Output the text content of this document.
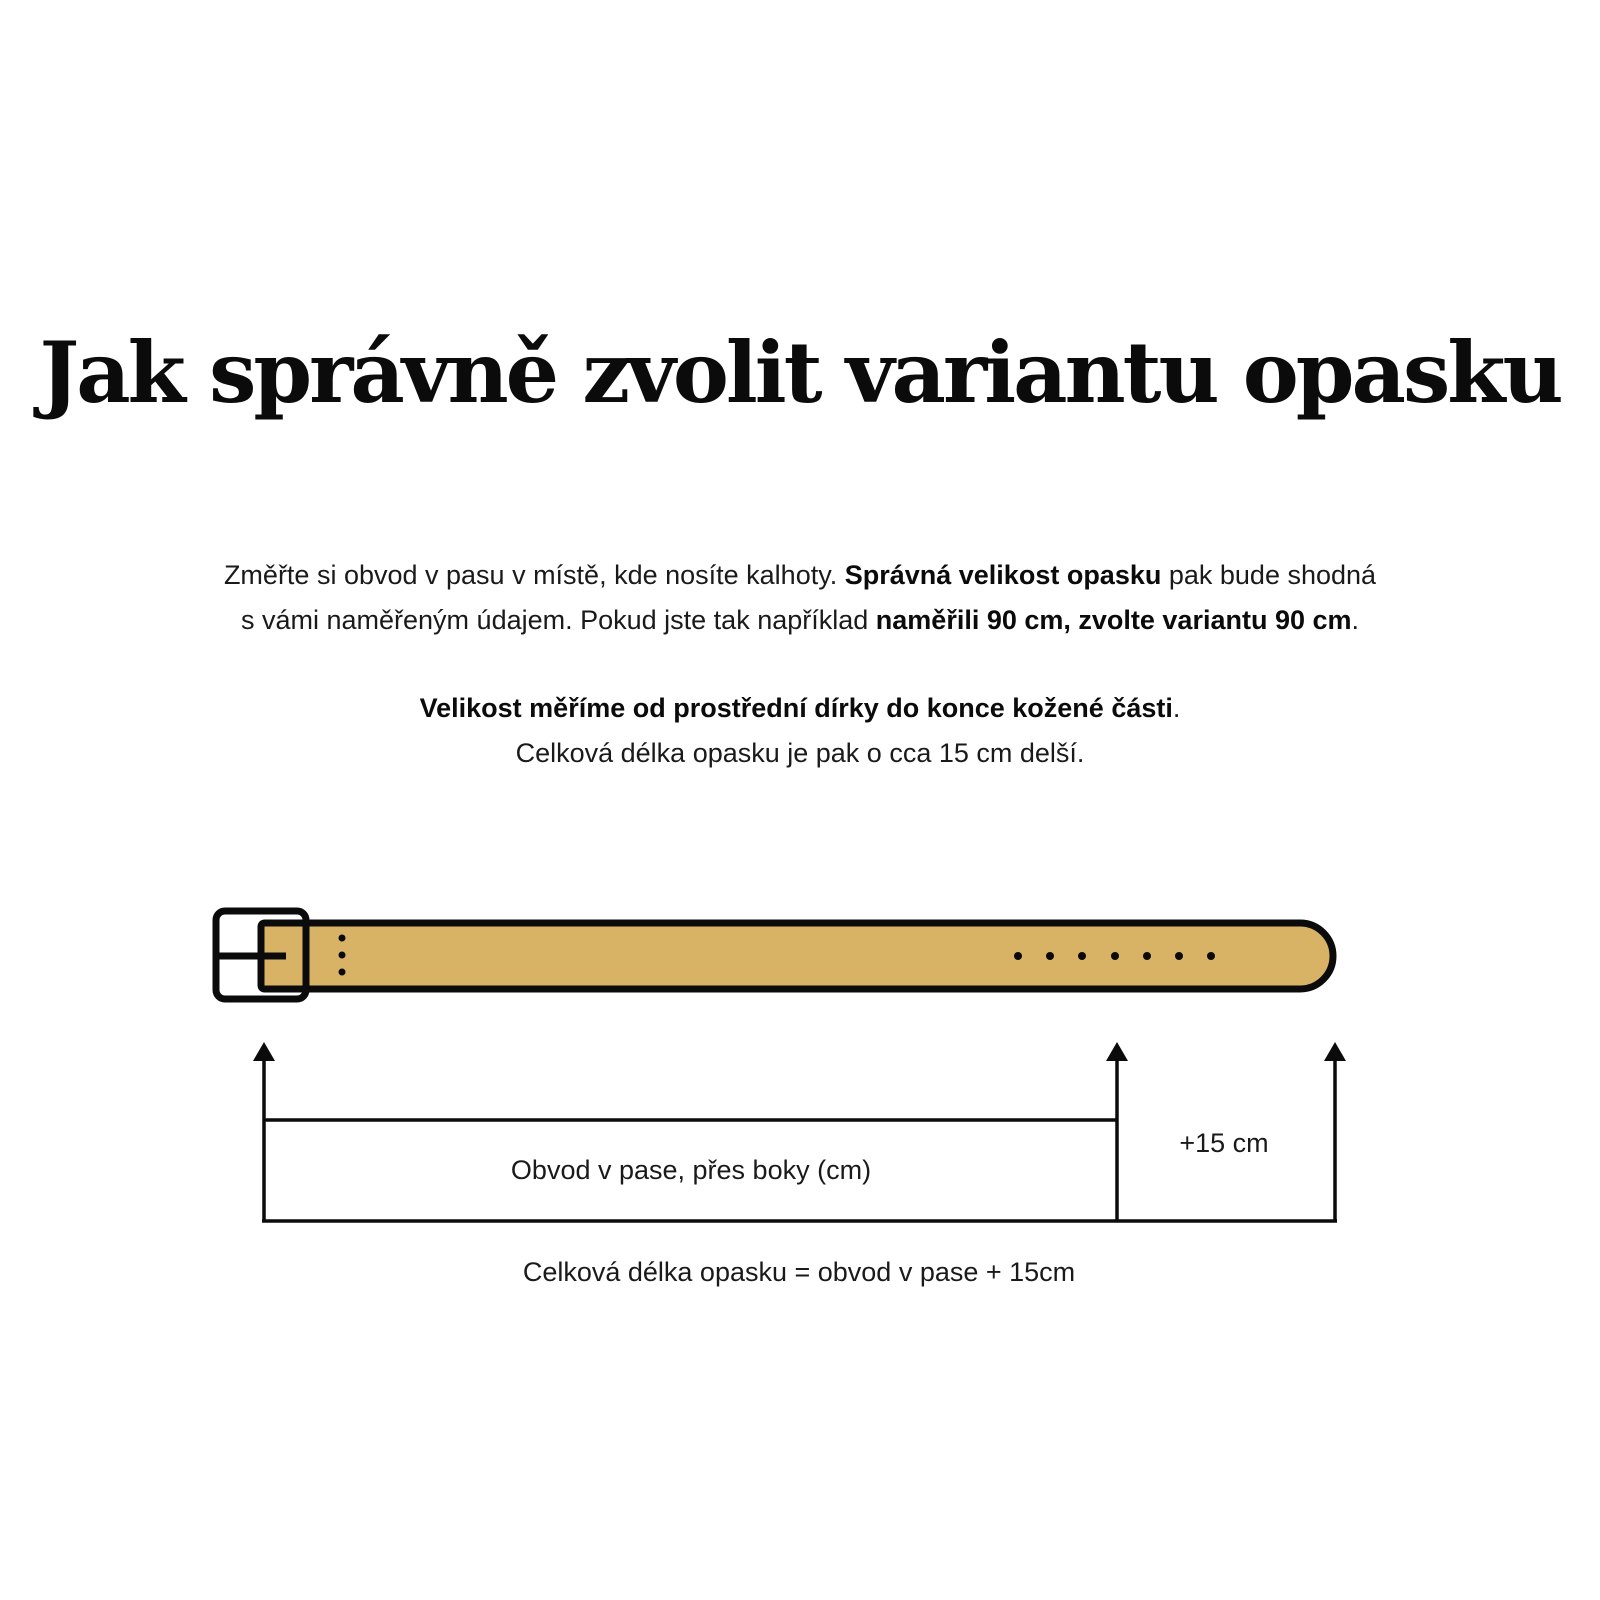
Jak správně zvolit variantu opasku

Změřte si obvod v pasu v místě, kde nosíte kalhoty. Správná velikost opasku pak bude shodná
s vámi naměřeným údajem. Pokud jste tak například naměřili 90 cm, zvolte variantu 90 cm.

Velikost měříme od prostřední dírky do konce kožené části.
Celková délka opasku je pak o cca 15 cm delší.

Obvod v pase, přes boky (cm)
+15 cm
Celková délka opasku = obvod v pase + 15cm
